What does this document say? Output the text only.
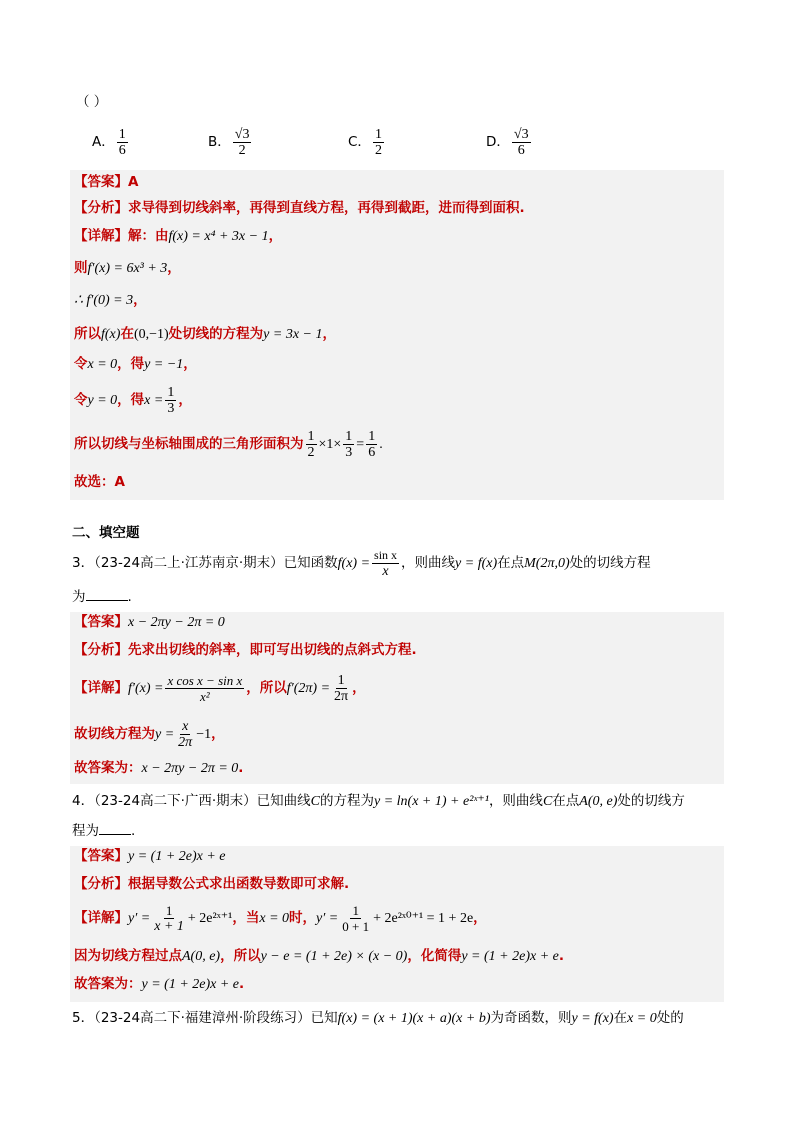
（ ）
A． $\frac{1}{6}$	B． $\frac{√3}{2}$	C． $\frac{1}{2}$	D． $\frac{√3}{6}$
【答案】A
【分析】求导得到切线斜率，再得到直线方程，再得到截距，进而得到面积.
【详解】解：由f(x) = x⁴ + 3x − 1，
则f′(x) = 6x³ + 3，
∴ f′(0) = 3，
所以f(x)在(0,−1)处切线的方程为y = 3x − 1，
令x = 0，得y = −1，
令y = 0，得$x = \frac{1}{3}$ ，
所以切线与坐标轴围成的三角形面积为 $\frac{1}{2} \times 1\times \frac{1}{3} = \frac{1}{6}$ .
故选：A
二、填空题
3．（23-24高二上·江苏南京·期末）已知函数$f(x) = \frac{\text{sin x}}{x}$ ，则曲线y = f(x)在点M(2π,0)处的切线方程
为	.
【答案】x − 2πy − 2π = 0
【分析】先求出切线的斜率，即可写出切线的点斜式方程.
【详解】$f'(x) = \frac{\text{x cos x − sin x}}{\text{x²}}$ ，所以$f'(2\pi) = \frac{1}{2\pi}$ ，
故切线方程为$y = \frac{x}{2\pi} -1$，
故答案为：x − 2πy − 2π = 0.
4．（23-24高二下·广西·期末）已知曲线C的方程为y = ln(x + 1) + e²ˣ⁺¹，则曲线C在点A(0, e)处的切线方
程为 .
【答案】y = (1 + 2e)x + e
【分析】根据导数公式求出函数导数即可求解.
【详解】$y' = \frac{1}{x + 1}$ + 2e²ˣ⁺¹，当x = 0时，$y' = \frac{1}{0 + 1}$ + 2e²ˣ⁰⁺¹ = 1 + 2e，
因为切线方程过点A(0, e)，所以y − e = (1 + 2e) × (x − 0)，化简得y = (1 + 2e)x + e.
故答案为：y = (1 + 2e)x + e.
5．（23-24高二下·福建漳州·阶段练习）已知f(x) = (x + 1)(x + a)(x + b)为奇函数，则y = f(x)在x = 0处的
